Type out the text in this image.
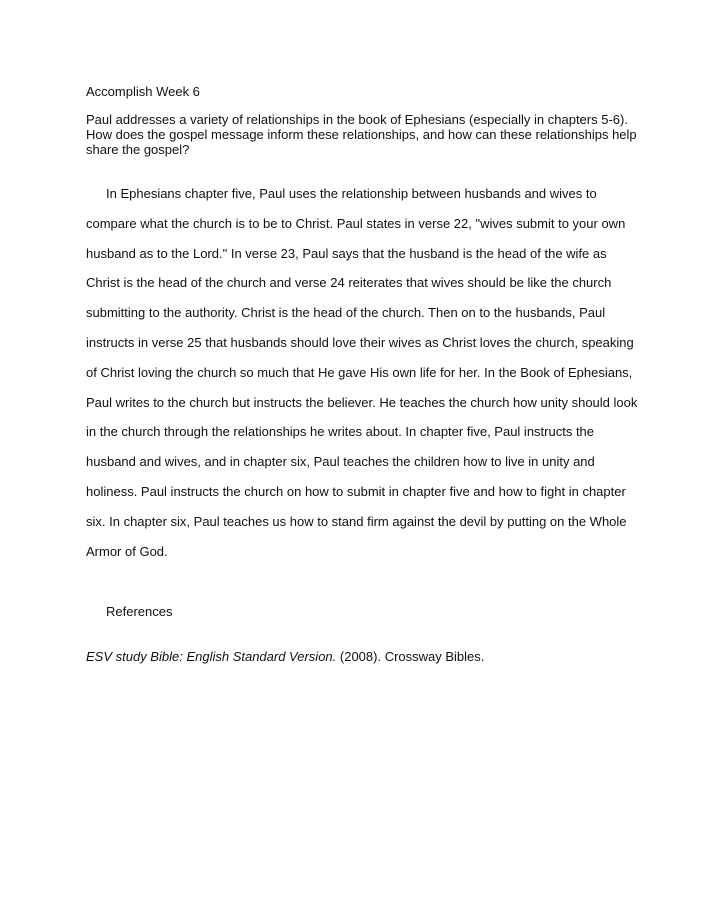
Accomplish Week 6
Paul addresses a variety of relationships in the book of Ephesians (especially in chapters 5-6).
How does the gospel message inform these relationships, and how can these relationships help
share the gospel?
In Ephesians chapter five, Paul uses the relationship between husbands and wives to
compare what the church is to be to Christ. Paul states in verse 22, "wives submit to your own
husband as to the Lord." In verse 23, Paul says that the husband is the head of the wife as
Christ is the head of the church and verse 24 reiterates that wives should be like the church
submitting to the authority. Christ is the head of the church. Then on to the husbands, Paul
instructs in verse 25 that husbands should love their wives as Christ loves the church, speaking
of Christ loving the church so much that He gave His own life for her. In the Book of Ephesians,
Paul writes to the church but instructs the believer. He teaches the church how unity should look
in the church through the relationships he writes about. In chapter five, Paul instructs the
husband and wives, and in chapter six, Paul teaches the children how to live in unity and
holiness. Paul instructs the church on how to submit in chapter five and how to fight in chapter
six. In chapter six, Paul teaches us how to stand firm against the devil by putting on the Whole
Armor of God.
References
ESV study Bible: English Standard Version. (2008). Crossway Bibles.
